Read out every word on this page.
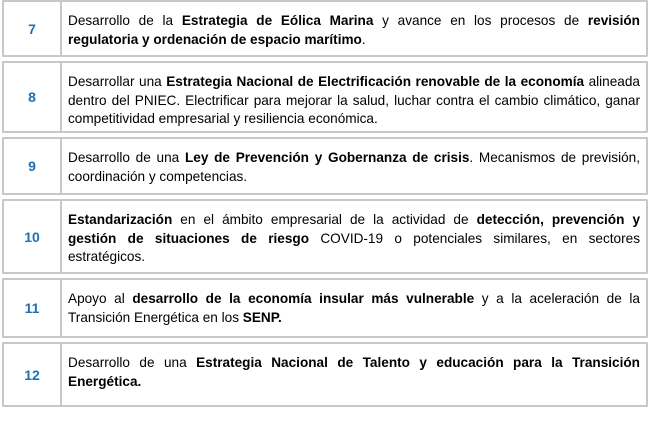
7	Desarrollo de la Estrategia de Eólica Marina y avance en los procesos de revisión regulatoria y ordenación de espacio marítimo.
8
Desarrollar una Estrategia Nacional de Electrificación renovable de la economía alineada dentro del PNIEC. Electrificar para mejorar la salud, luchar contra el cambio climático, ganar competitividad empresarial y resiliencia económica.
9
Desarrollo de una Ley de Prevención y Gobernanza de crisis. Mecanismos de previsión, coordinación y competencias.
10
Estandarización en el ámbito empresarial de la actividad de detección, prevención y gestión de situaciones de riesgo COVID-19 o potenciales similares, en sectores estratégicos.
11
Apoyo al desarrollo de la economía insular más vulnerable y a la aceleración de la Transición Energética en los SENP.
12
Desarrollo de una Estrategia Nacional de Talento y educación para la Transición Energética.
